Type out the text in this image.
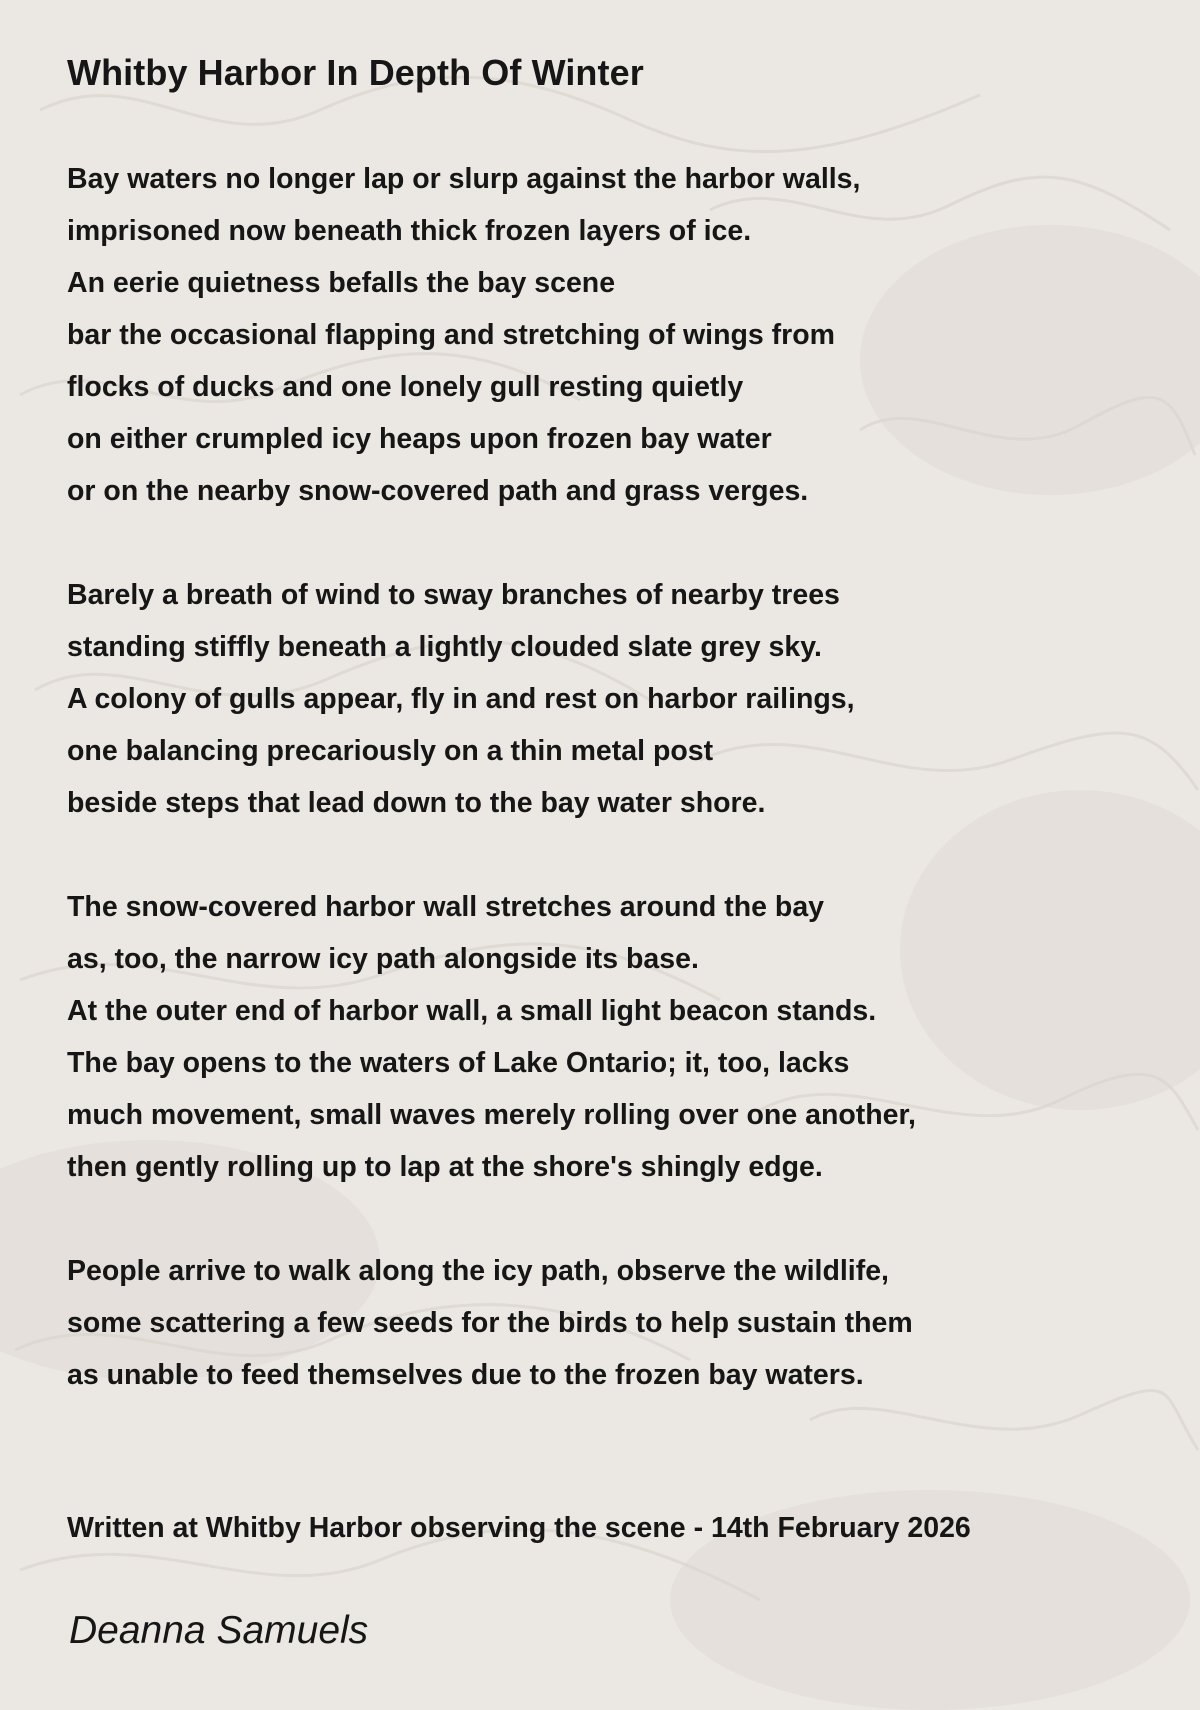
Whitby Harbor In Depth Of Winter
Bay waters no longer lap or slurp against the harbor walls,
imprisoned now beneath thick frozen layers of ice.
An eerie quietness befalls the bay scene
bar the occasional flapping and stretching of wings from
flocks of ducks and one lonely gull resting quietly
on either crumpled icy heaps upon frozen bay water
or on the nearby snow-covered path and grass verges.
Barely a breath of wind to sway branches of nearby trees
standing stiffly beneath a lightly clouded slate grey sky.
A colony of gulls appear, fly in and rest on harbor railings,
one balancing precariously on a thin metal post
beside steps that lead down to the bay water shore.
The snow-covered harbor wall stretches around the bay
as, too, the narrow icy path alongside its base.
At the outer end of harbor wall, a small light beacon stands.
The bay opens to the waters of Lake Ontario; it, too, lacks
much movement, small waves merely rolling over one another,
then gently rolling up to lap at the shore's shingly edge.
People arrive to walk along the icy path, observe the wildlife,
some scattering a few seeds for the birds to help sustain them
as unable to feed themselves due to the frozen bay waters.

Written at Whitby Harbor observing the scene - 14th February 2026

Deanna Samuels
